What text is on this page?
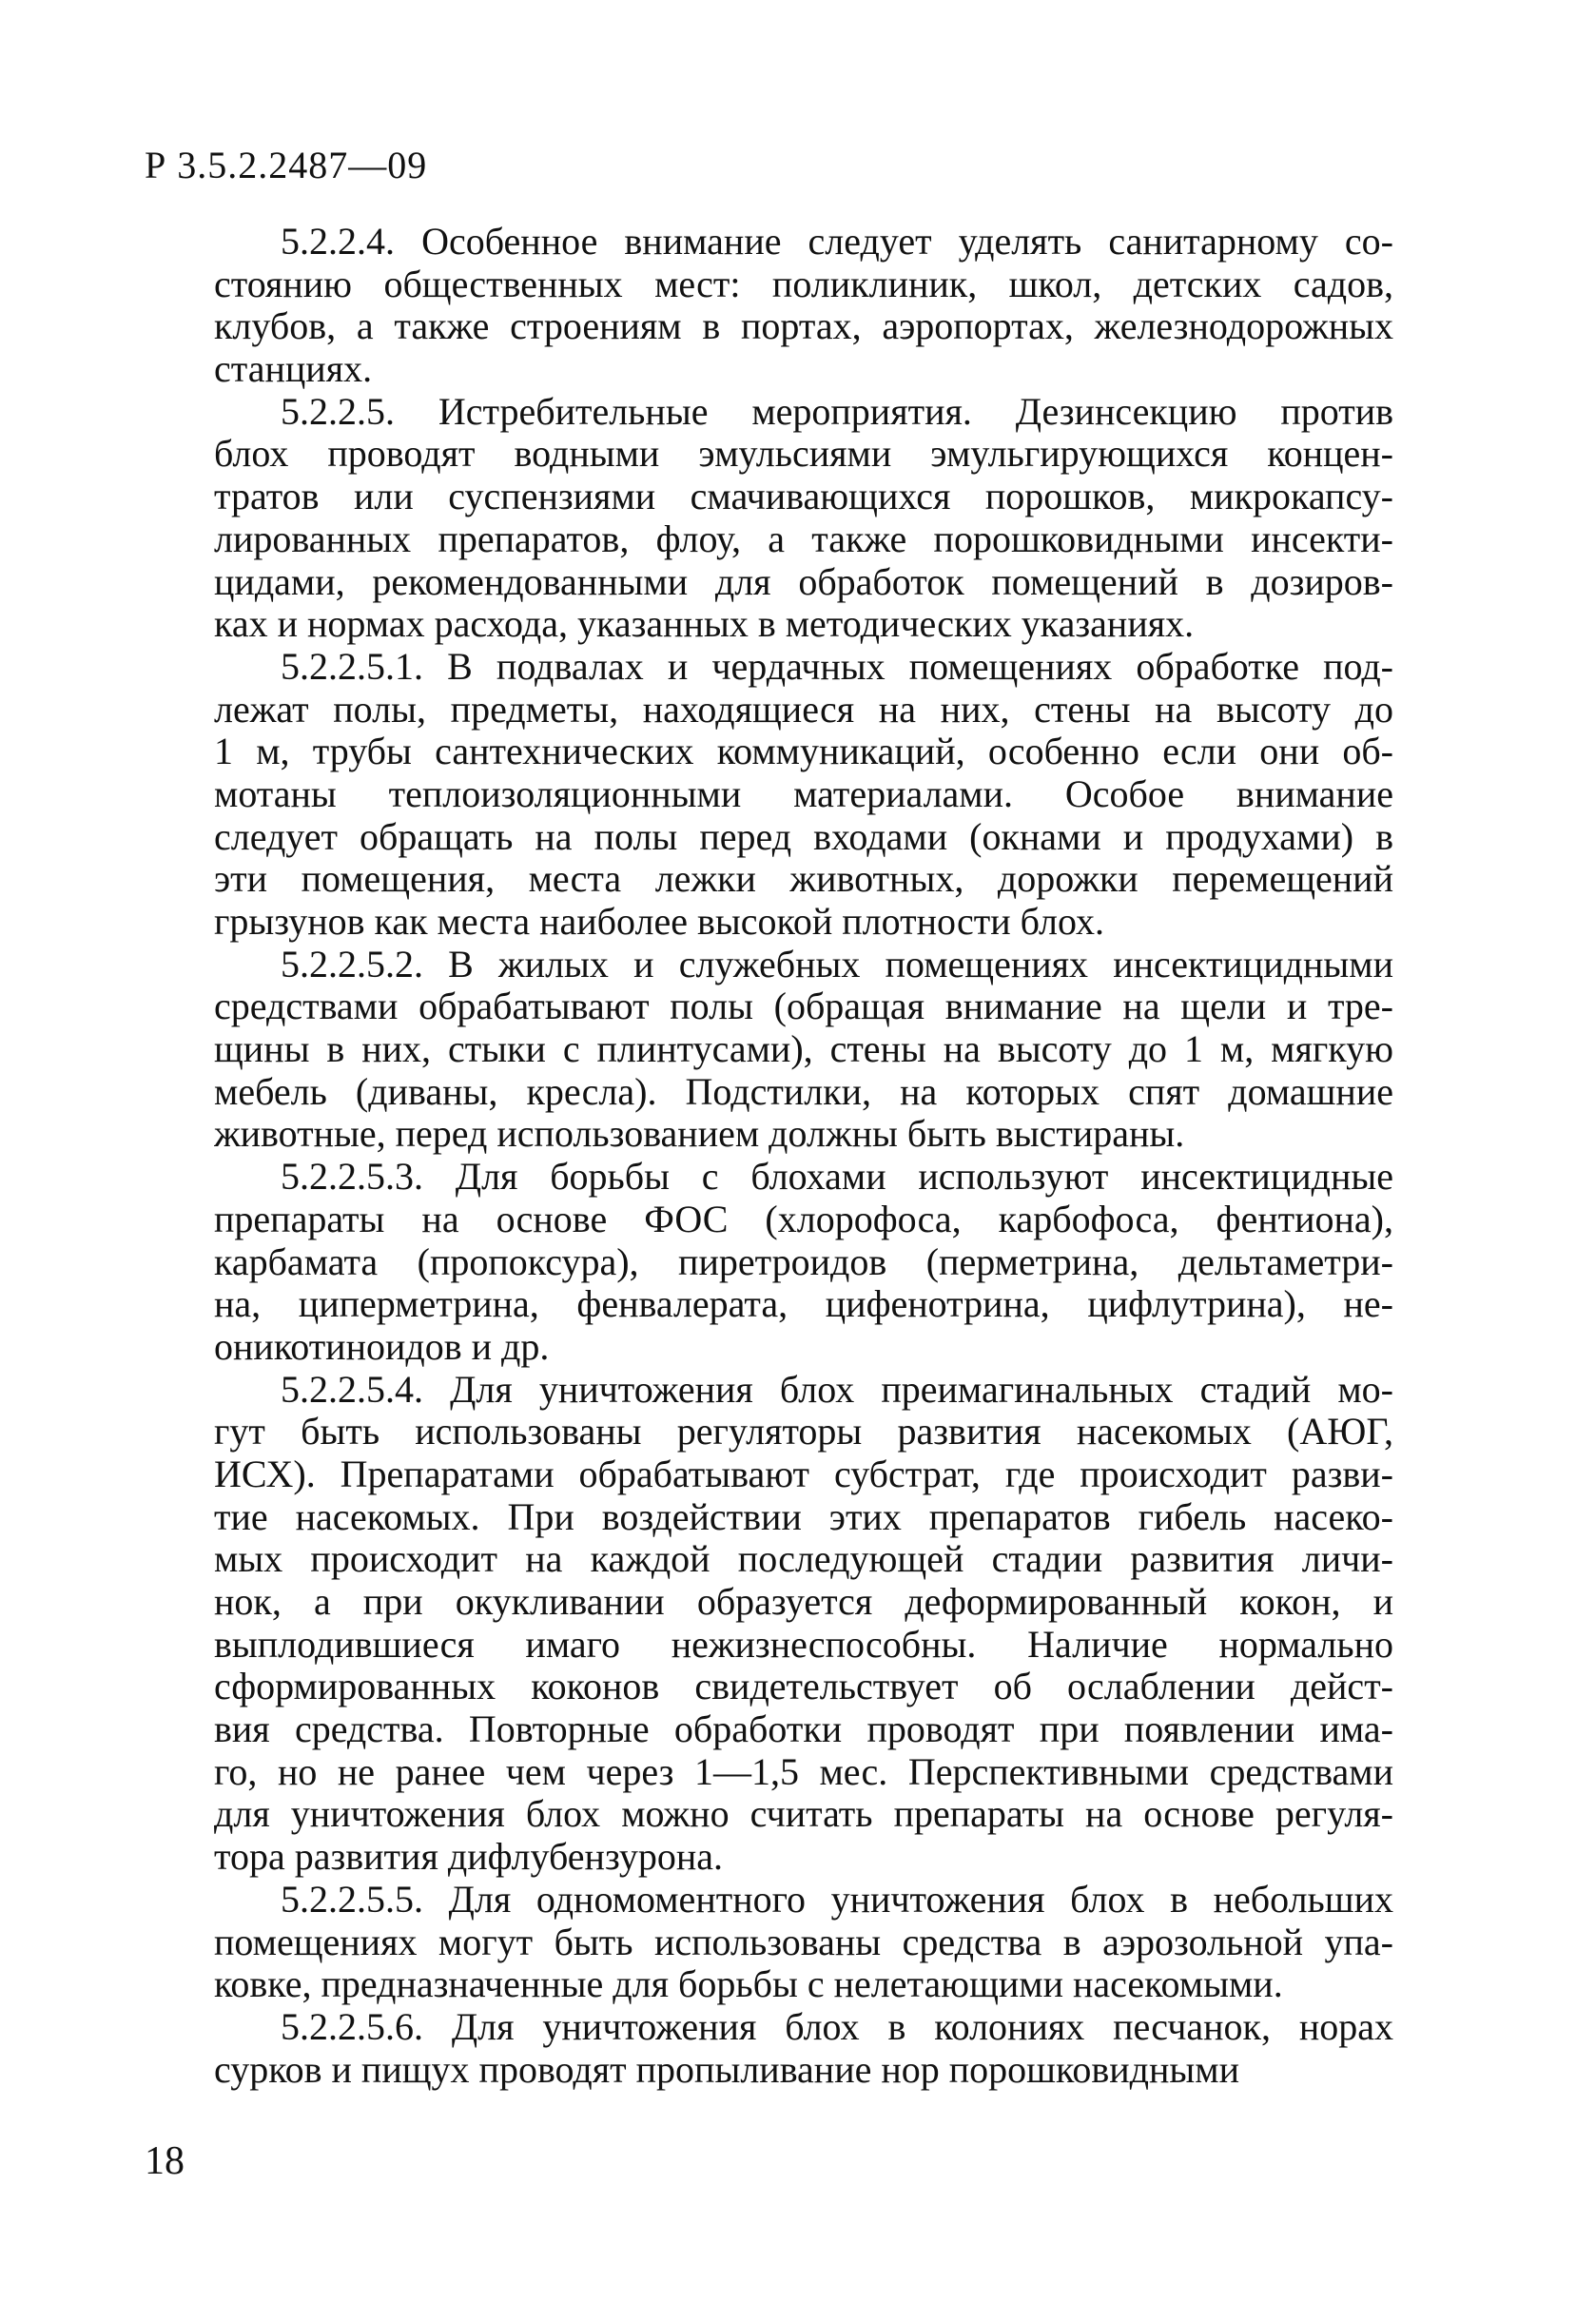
Р 3.5.2.2487—09
5.2.2.4. Особенное внимание следует уделять санитарному со-
стоянию общественных мест: поликлиник, школ, детских садов,
клубов, а также строениям в портах, аэропортах, железнодорожных
станциях.
5.2.2.5. Истребительные мероприятия. Дезинсекцию против
блох проводят водными эмульсиями эмульгирующихся концен-
тратов или суспензиями смачивающихся порошков, микрокапсу-
лированных препаратов, флоу, а также порошковидными инсекти-
цидами, рекомендованными для обработок помещений в дозиров-
ках и нормах расхода, указанных в методических указаниях.
5.2.2.5.1. В подвалах и чердачных помещениях обработке под-
лежат полы, предметы, находящиеся на них, стены на высоту до
1 м, трубы сантехнических коммуникаций, особенно если они об-
мотаны теплоизоляционными материалами. Особое внимание
следует обращать на полы перед входами (окнами и продухами) в
эти помещения, места лежки животных, дорожки перемещений
грызунов как места наиболее высокой плотности блох.
5.2.2.5.2. В жилых и служебных помещениях инсектицидными
средствами обрабатывают полы (обращая внимание на щели и тре-
щины в них, стыки с плинтусами), стены на высоту до 1 м, мягкую
мебель (диваны, кресла). Подстилки, на которых спят домашние
животные, перед использованием должны быть выстираны.
5.2.2.5.3. Для борьбы с блохами используют инсектицидные
препараты на основе ФОС (хлорофоса, карбофоса, фентиона),
карбамата (пропоксура), пиретроидов (перметрина, дельтаметри-
на, циперметрина, фенвалерата, цифенотрина, цифлутрина), не-
оникотиноидов и др.
5.2.2.5.4. Для уничтожения блох преимагинальных стадий мо-
гут быть использованы регуляторы развития насекомых (АЮГ,
ИСХ). Препаратами обрабатывают субстрат, где происходит разви-
тие насекомых. При воздействии этих препаратов гибель насеко-
мых происходит на каждой последующей стадии развития личи-
нок, а при окукливании образуется деформированный кокон, и
выплодившиеся имаго нежизнеспособны. Наличие нормально
сформированных коконов свидетельствует об ослаблении дейст-
вия средства. Повторные обработки проводят при появлении има-
го, но не ранее чем через 1—1,5 мес. Перспективными средствами
для уничтожения блох можно считать препараты на основе регуля-
тора развития дифлубензурона.
5.2.2.5.5. Для одномоментного уничтожения блох в небольших
помещениях могут быть использованы средства в аэрозольной упа-
ковке, предназначенные для борьбы с нелетающими насекомыми.
5.2.2.5.6. Для уничтожения блох в колониях песчанок, норах
сурков и пищух проводят пропыливание нор порошковидными
18
